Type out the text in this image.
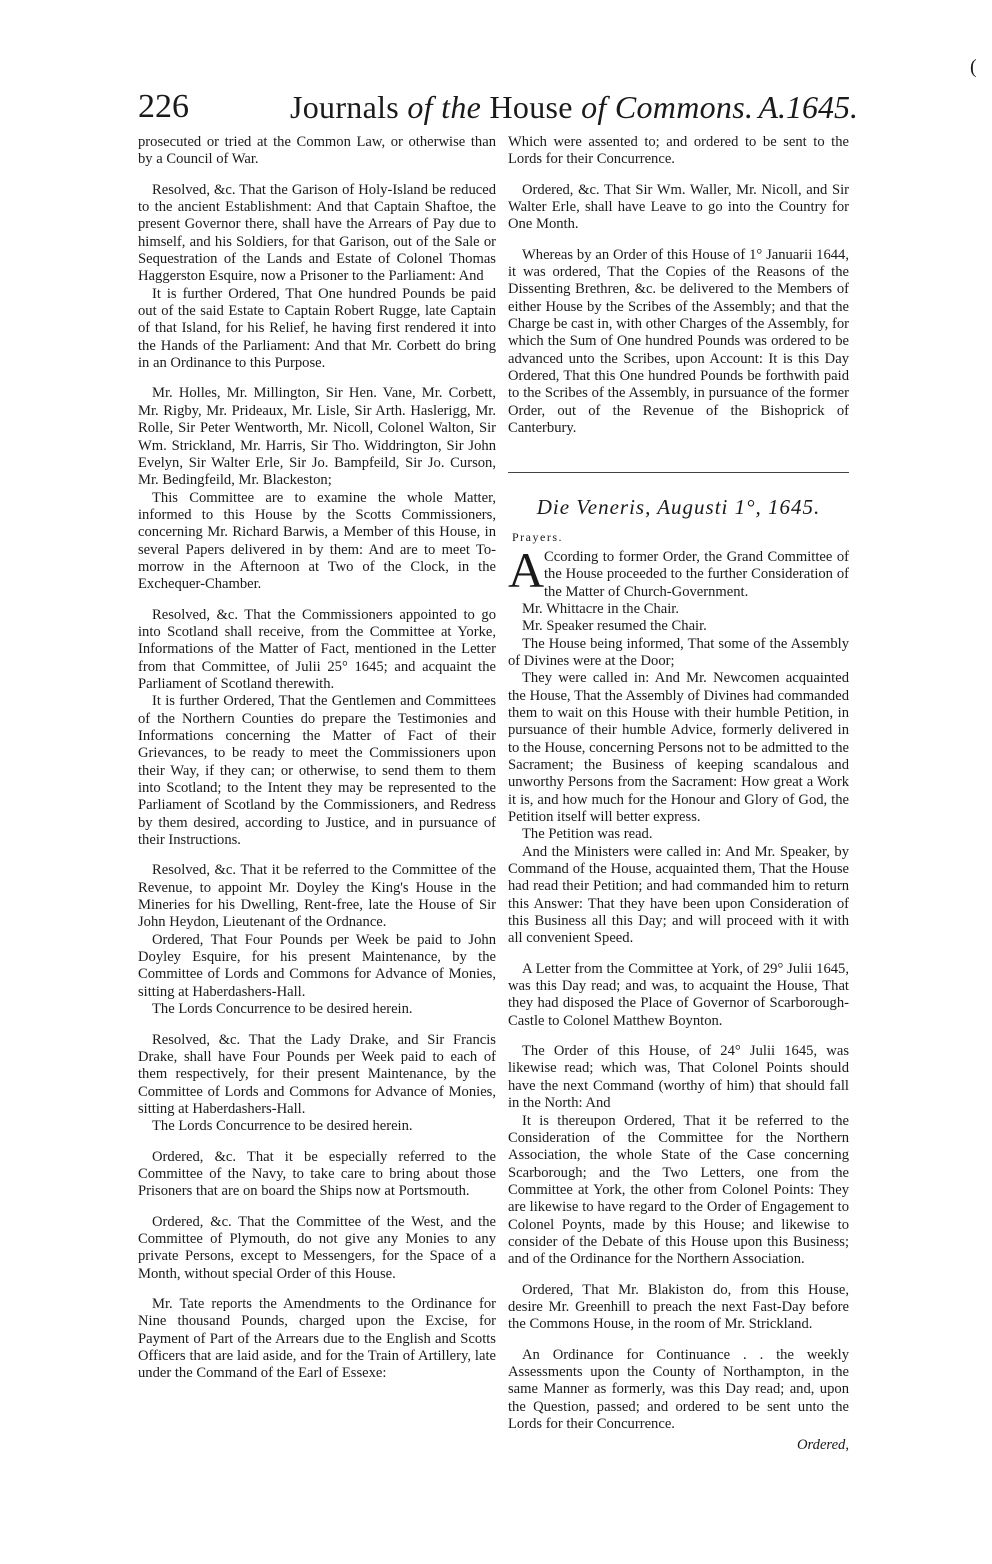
(
226	Journals of the House of Commons. A.1645.

prosecuted or tried at the Common Law, or otherwise than by a Council of War.

Resolved, &c. That the Garison of Holy-Island be reduced to the ancient Establishment: And that Captain Shaftoe, the present Governor there, shall have the Arrears of Pay due to himself, and his Soldiers, for that Garison, out of the Sale or Sequestration of the Lands and Estate of Colonel Thomas Haggerston Esquire, now a Prisoner to the Parliament: And

It is further Ordered, That One hundred Pounds be paid out of the said Estate to Captain Robert Rugge, late Captain of that Island, for his Relief, he having first rendered it into the Hands of the Parliament: And that Mr. Corbett do bring in an Ordinance to this Purpose.

Mr. Holles, Mr. Millington, Sir Hen. Vane, Mr. Corbett, Mr. Rigby, Mr. Prideaux, Mr. Lisle, Sir Arth. Haslerigg, Mr. Rolle, Sir Peter Wentworth, Mr. Nicoll, Colonel Walton, Sir Wm. Strickland, Mr. Harris, Sir Tho. Widdrington, Sir John Evelyn, Sir Walter Erle, Sir Jo. Bampfeild, Sir Jo. Curson, Mr. Bedingfeild, Mr. Blackeston;

This Committee are to examine the whole Matter, informed to this House by the Scotts Commissioners, concerning Mr. Richard Barwis, a Member of this House, in several Papers delivered in by them: And are to meet To-morrow in the Afternoon at Two of the Clock, in the Exchequer-Chamber.

Resolved, &c. That the Commissioners appointed to go into Scotland shall receive, from the Committee at Yorke, Informations of the Matter of Fact, mentioned in the Letter from that Committee, of Julii 25° 1645; and acquaint the Parliament of Scotland therewith.

It is further Ordered, That the Gentlemen and Committees of the Northern Counties do prepare the Testimonies and Informations concerning the Matter of Fact of their Grievances, to be ready to meet the Commissioners upon their Way, if they can; or otherwise, to send them to them into Scotland; to the Intent they may be represented to the Parliament of Scotland by the Commissioners, and Redress by them desired, according to Justice, and in pursuance of their Instructions.

Resolved, &c. That it be referred to the Committee of the Revenue, to appoint Mr. Doyley the King's House in the Mineries for his Dwelling, Rent-free, late the House of Sir John Heydon, Lieutenant of the Ordnance.

Ordered, That Four Pounds per Week be paid to John Doyley Esquire, for his present Maintenance, by the Committee of Lords and Commons for Advance of Monies, sitting at Haberdashers-Hall.

The Lords Concurrence to be desired herein.

Resolved, &c. That the Lady Drake, and Sir Francis Drake, shall have Four Pounds per Week paid to each of them respectively, for their present Maintenance, by the Committee of Lords and Commons for Advance of Monies, sitting at Haberdashers-Hall.

The Lords Concurrence to be desired herein.

Ordered, &c. That it be especially referred to the Committee of the Navy, to take care to bring about those Prisoners that are on board the Ships now at Portsmouth.

Ordered, &c. That the Committee of the West, and the Committee of Plymouth, do not give any Monies to any private Persons, except to Messengers, for the Space of a Month, without special Order of this House.

Mr. Tate reports the Amendments to the Ordinance for Nine thousand Pounds, charged upon the Excise, for Payment of Part of the Arrears due to the English and Scotts Officers that are laid aside, and for the Train of Artillery, late under the Command of the Earl of Essexe:

Which were assented to; and ordered to be sent to the Lords for their Concurrence.

Ordered, &c. That Sir Wm. Waller, Mr. Nicoll, and Sir Walter Erle, shall have Leave to go into the Country for One Month.

Whereas by an Order of this House of 1° Januarii 1644, it was ordered, That the Copies of the Reasons of the Dissenting Brethren, &c. be delivered to the Members of either House by the Scribes of the Assembly; and that the Charge be cast in, with other Charges of the Assembly, for which the Sum of One hundred Pounds was ordered to be advanced unto the Scribes, upon Account: It is this Day Ordered, That this One hundred Pounds be forthwith paid to the Scribes of the Assembly, in pursuance of the former Order, out of the Revenue of the Bishoprick of Canterbury.

Die Veneris, Augusti 1°, 1645.
Prayers.

A Ccording to former Order, the Grand Committee of the House proceeded to the further Consideration of the Matter of Church-Government.

Mr. Whittacre in the Chair.

Mr. Speaker resumed the Chair.

The House being informed, That some of the Assembly of Divines were at the Door;

They were called in: And Mr. Newcomen acquainted the House, That the Assembly of Divines had commanded them to wait on this House with their humble Petition, in pursuance of their humble Advice, formerly delivered in to the House, concerning Persons not to be admitted to the Sacrament; the Business of keeping scandalous and unworthy Persons from the Sacrament: How great a Work it is, and how much for the Honour and Glory of God, the Petition itself will better express.

The Petition was read.

And the Ministers were called in: And Mr. Speaker, by Command of the House, acquainted them, That the House had read their Petition; and had commanded him to return this Answer: That they have been upon Consideration of this Business all this Day; and will proceed with it with all convenient Speed.

A Letter from the Committee at York, of 29° Julii 1645, was this Day read; and was, to acquaint the House, That they had disposed the Place of Governor of Scarborough-Castle to Colonel Matthew Boynton.

The Order of this House, of 24° Julii 1645, was likewise read; which was, That Colonel Points should have the next Command (worthy of him) that should fall in the North: And

It is thereupon Ordered, That it be referred to the Consideration of the Committee for the Northern Association, the whole State of the Case concerning Scarborough; and the Two Letters, one from the Committee at York, the other from Colonel Points: They are likewise to have regard to the Order of Engagement to Colonel Poynts, made by this House; and likewise to consider of the Debate of this House upon this Business; and of the Ordinance for the Northern Association.

Ordered, That Mr. Blakiston do, from this House, desire Mr. Greenhill to preach the next Fast-Day before the Commons House, in the room of Mr. Strickland.

An Ordinance for Continuance . . the weekly Assessments upon the County of Northampton, in the same Manner as formerly, was this Day read; and, upon the Question, passed; and ordered to be sent unto the Lords for their Concurrence.

Ordered,
